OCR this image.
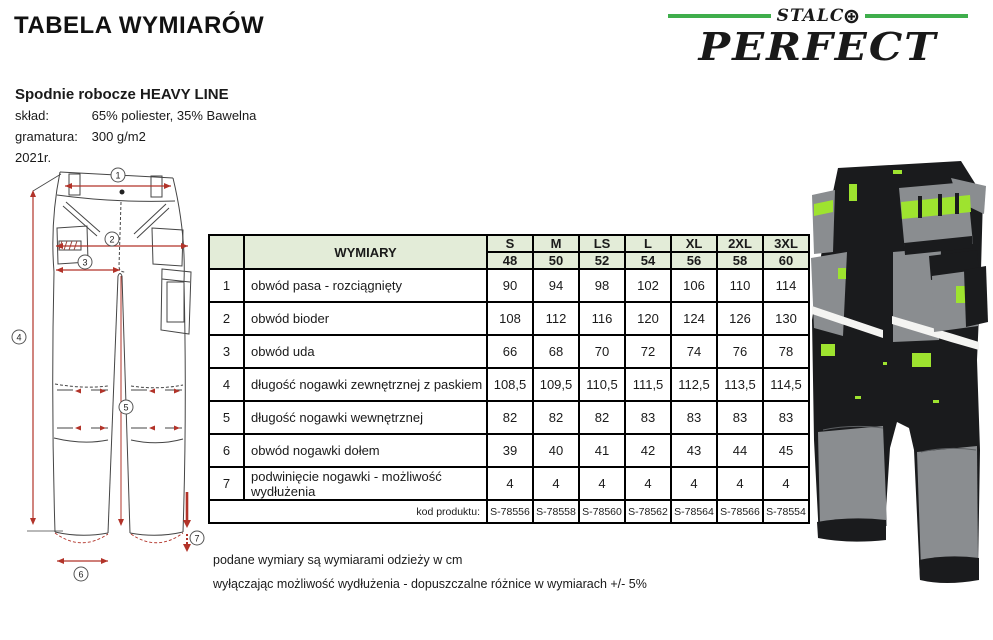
TABELA WYMIARÓW	STALC
PERFECT
Spodnie robocze HEAVY LINE
skład:	65% poliester, 35% Bawelna
gramatura: 300 g/m2
2021r.
1
2
3
4
5
6
7
	WYMIARY	S	M	LS	L	XL	2XL	3XL
		48	50	52	54	56	58	60
1	obwód pasa - rozciągnięty	90	94	98	102	106	110	114
2	obwód bioder	108	112	116	120	124	126	130
3	obwód uda	66	68	70	72	74	76	78
4	długość nogawki zewnętrznej z paskiem	108,5	109,5	110,5	111,5	112,5	113,5	114,5
5	długość nogawki wewnętrznej	82	82	82	83	83	83	83
6	obwód nogawki dołem	39	40	41	42	43	44	45
7	podwinięcie nogawki - możliwość wydłużenia	4	4	4	4	4	4	4
kod produktu:		S-78556	S-78558	S-78560	S-78562	S-78564	S-78566	S-78554
podane wymiary są wymiarami odzieży w cm
wyłączając możliwość wydłużenia - dopuszczalne różnice w wymiarach +/- 5%
